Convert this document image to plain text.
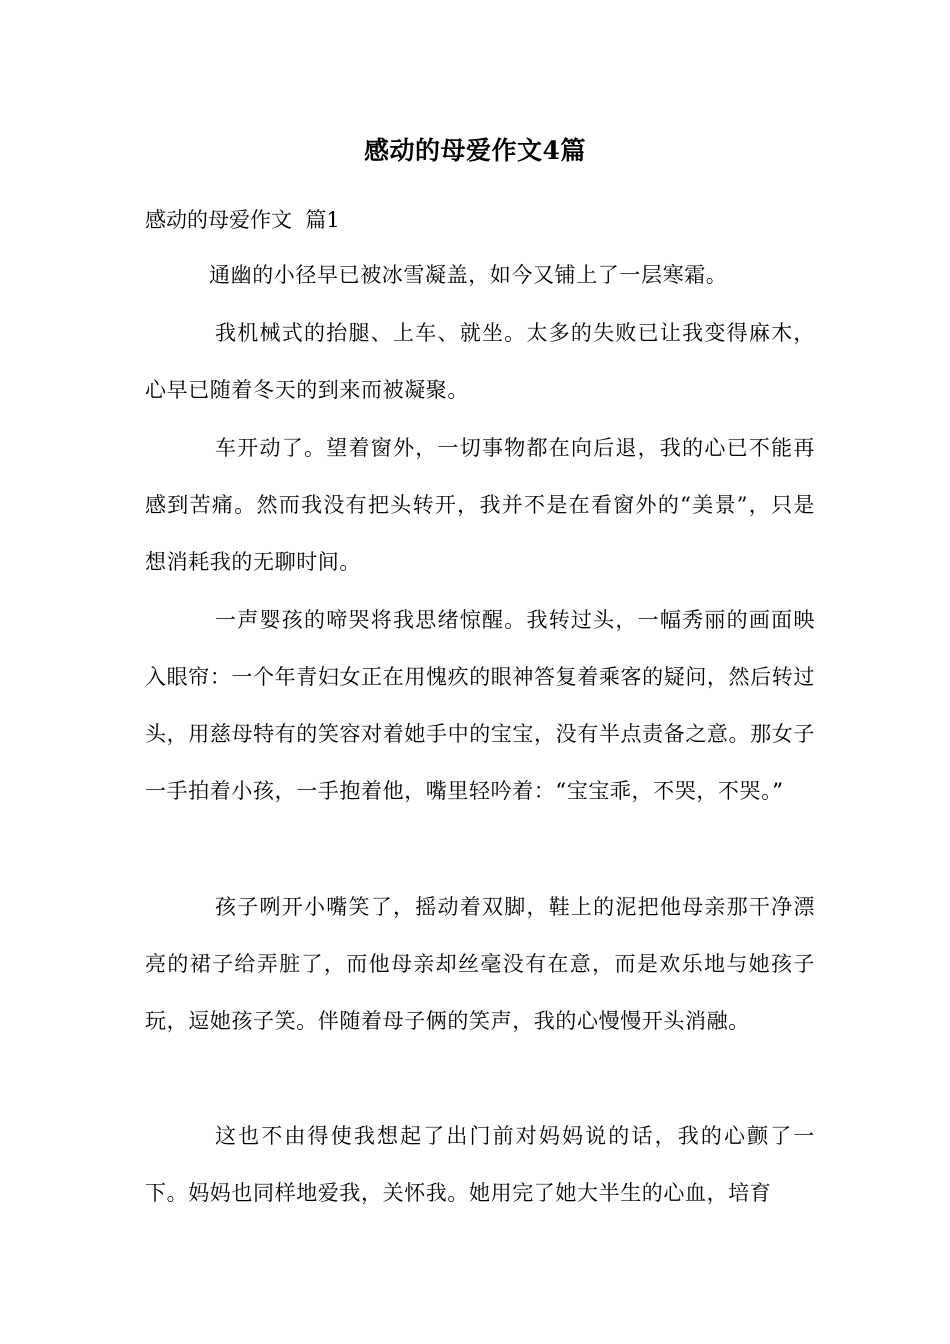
感动的母爱作文4篇
感动的母爱作文  篇1
通幽的小径早已被冰雪凝盖，如今又铺上了一层寒霜。
我机械式的抬腿、上车、就坐。太多的失败已让我变得麻木，心早已随着冬天的到来而被凝聚。
车开动了。望着窗外，一切事物都在向后退，我的心已不能再感到苦痛。然而我没有把头转开，我并不是在看窗外的“美景”，只是想消耗我的无聊时间。
一声婴孩的啼哭将我思绪惊醒。我转过头，一幅秀丽的画面映入眼帘：一个年青妇女正在用愧疚的眼神答复着乘客的疑问，然后转过头，用慈母特有的笑容对着她手中的宝宝，没有半点责备之意。那女子一手拍着小孩，一手抱着他，嘴里轻吟着：“宝宝乖，不哭，不哭。”
孩子咧开小嘴笑了，摇动着双脚，鞋上的泥把他母亲那干净漂亮的裙子给弄脏了，而他母亲却丝毫没有在意，而是欢乐地与她孩子玩，逗她孩子笑。伴随着母子俩的笑声，我的心慢慢开头消融。
这也不由得使我想起了出门前对妈妈说的话，我的心颤了一下。妈妈也同样地爱我，关怀我。她用完了她大半生的心血，培育
